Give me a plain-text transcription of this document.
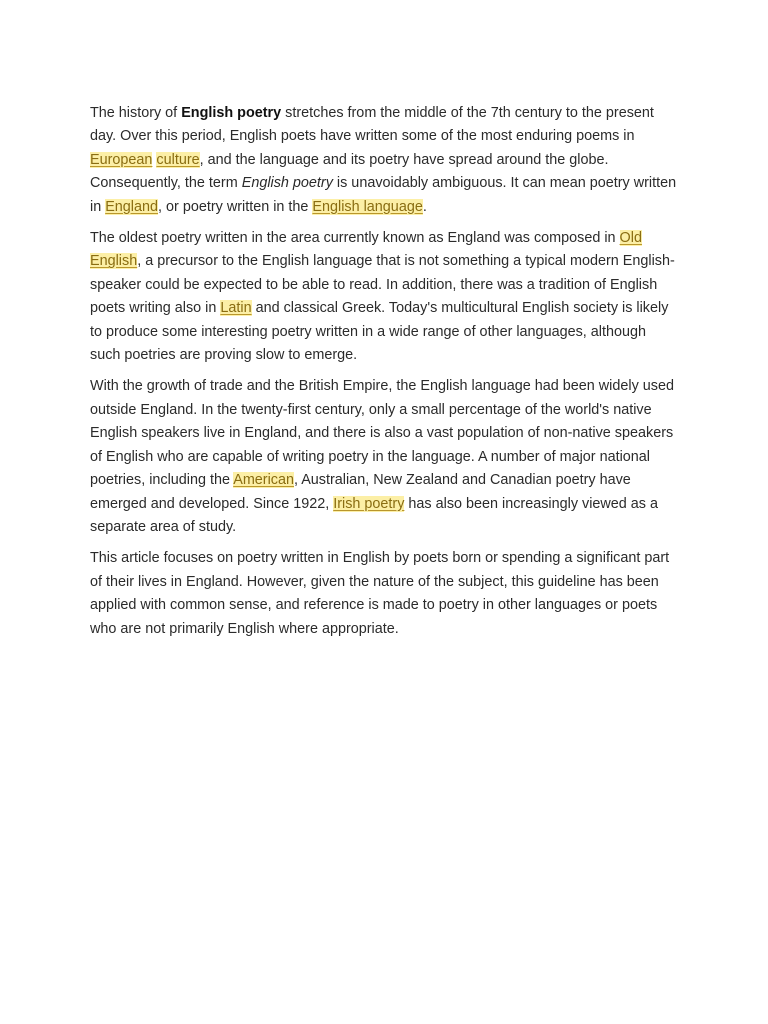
The history of English poetry stretches from the middle of the 7th century to the present day. Over this period, English poets have written some of the most enduring poems in European culture, and the language and its poetry have spread around the globe. Consequently, the term English poetry is unavoidably ambiguous. It can mean poetry written in England, or poetry written in the English language.

The oldest poetry written in the area currently known as England was composed in Old English, a precursor to the English language that is not something a typical modern English-speaker could be expected to be able to read. In addition, there was a tradition of English poets writing also in Latin and classical Greek. Today's multicultural English society is likely to produce some interesting poetry written in a wide range of other languages, although such poetries are proving slow to emerge.

With the growth of trade and the British Empire, the English language had been widely used outside England. In the twenty-first century, only a small percentage of the world's native English speakers live in England, and there is also a vast population of non-native speakers of English who are capable of writing poetry in the language. A number of major national poetries, including the American, Australian, New Zealand and Canadian poetry have emerged and developed. Since 1922, Irish poetry has also been increasingly viewed as a separate area of study.

This article focuses on poetry written in English by poets born or spending a significant part of their lives in England. However, given the nature of the subject, this guideline has been applied with common sense, and reference is made to poetry in other languages or poets who are not primarily English where appropriate.
